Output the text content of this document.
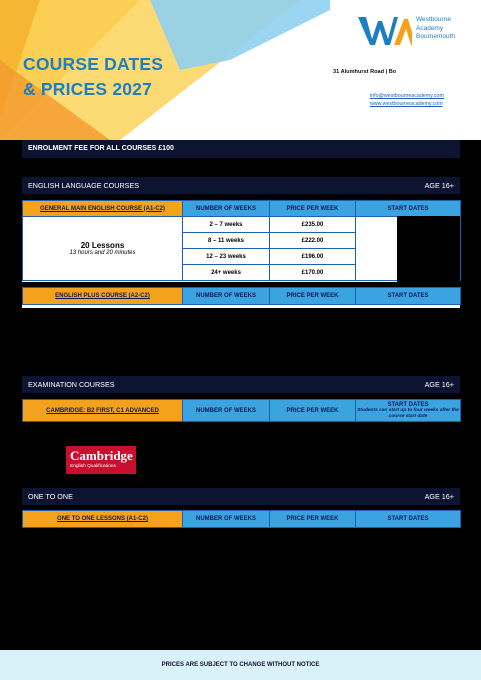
COURSE DATES
& PRICES 2027
Westbourne
Academy
Bournemouth
31 Alumhurst Road | Bo
info@westbourneacademy.com
www.westbourneacademy.com
ENROLMENT FEE FOR ALL COURSES £100
ENGLISH LANGUAGE COURSES	AGE 16+
GENERAL MAIN ENGLISH COURSE (A1-C2)	NUMBER OF WEEKS	PRICE PER WEEK	START DATES

20 Lessons
13 hours and 20 minutes	2 – 7 weeks	£235.00	
	8 – 11 weeks	£222.00	
	12 – 23 weeks	£196.00	
	24+ weeks	£170.00	
ENGLISH PLUS COURSE (A2-C2)	NUMBER OF WEEKS	PRICE PER WEEK	START DATES
EXAMINATION COURSES	AGE 16+
CAMBRIDGE: B2 FIRST, C1 ADVANCED	NUMBER OF WEEKS	PRICE PER WEEK	START DATES
Students can start up to four weeks after the course start date
Cambridge
English Qualifications
ONE TO ONE	AGE 16+
ONE TO ONE LESSONS (A1-C2)	NUMBER OF WEEKS	PRICE PER WEEK	START DATES
PRICES ARE SUBJECT TO CHANGE WITHOUT NOTICE
